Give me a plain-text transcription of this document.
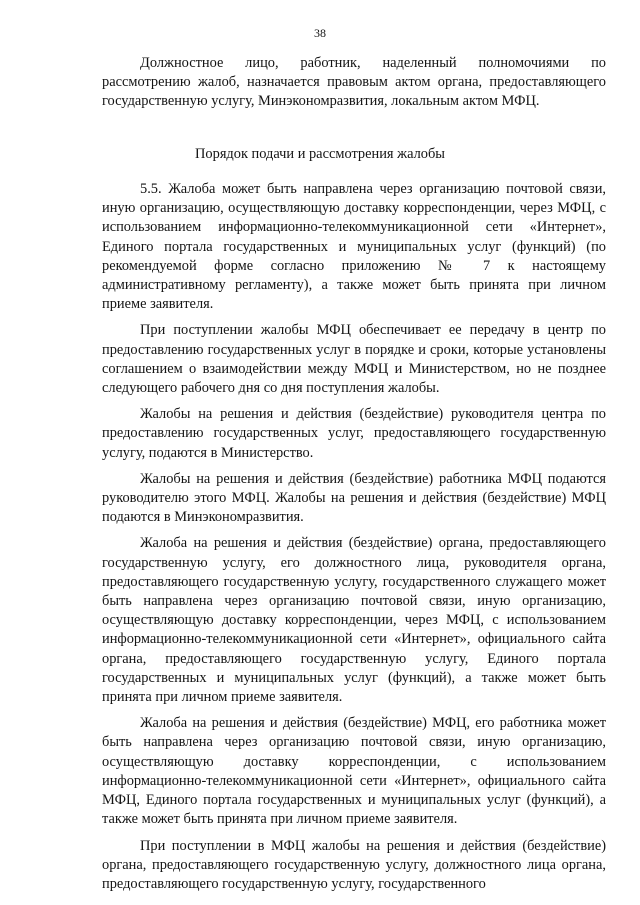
38

Должностное лицо, работник, наделенный полномочиями по рассмотрению жалоб, назначается правовым актом органа, предоставляющего государственную услугу, Минэкономразвития, локальным актом МФЦ.

Порядок подачи и рассмотрения жалобы

5.5. Жалоба может быть направлена через организацию почтовой связи, иную организацию, осуществляющую доставку корреспонденции, через МФЦ, с использованием информационно-телекоммуникационной сети «Интернет», Единого портала государственных и муниципальных услуг (функций) (по рекомендуемой форме согласно приложению № 7 к настоящему административному регламенту), а также может быть принята при личном приеме заявителя.

При поступлении жалобы МФЦ обеспечивает ее передачу в центр по предоставлению государственных услуг в порядке и сроки, которые установлены соглашением о взаимодействии между МФЦ и Министерством, но не позднее следующего рабочего дня со дня поступления жалобы.

Жалобы на решения и действия (бездействие) руководителя центра по предоставлению государственных услуг, предоставляющего государственную услугу, подаются в Министерство.

Жалобы на решения и действия (бездействие) работника МФЦ подаются руководителю этого МФЦ. Жалобы на решения и действия (бездействие) МФЦ подаются в Минэкономразвития.

Жалоба на решения и действия (бездействие) органа, предоставляющего государственную услугу, его должностного лица, руководителя органа, предоставляющего государственную услугу, государственного служащего может быть направлена через организацию почтовой связи, иную организацию, осуществляющую доставку корреспонденции, через МФЦ, с использованием информационно-телекоммуникационной сети «Интернет», официального сайта органа, предоставляющего государственную услугу, Единого портала государственных и муниципальных услуг (функций), а также может быть принята при личном приеме заявителя.

Жалоба на решения и действия (бездействие) МФЦ, его работника может быть направлена через организацию почтовой связи, иную организацию, осуществляющую доставку корреспонденции, с использованием информационно-телекоммуникационной сети «Интернет», официального сайта МФЦ, Единого портала государственных и муниципальных услуг (функций), а также может быть принята при личном приеме заявителя.

При поступлении в МФЦ жалобы на решения и действия (бездействие) органа, предоставляющего государственную услугу, должностного лица органа, предоставляющего государственную услугу, государственного
